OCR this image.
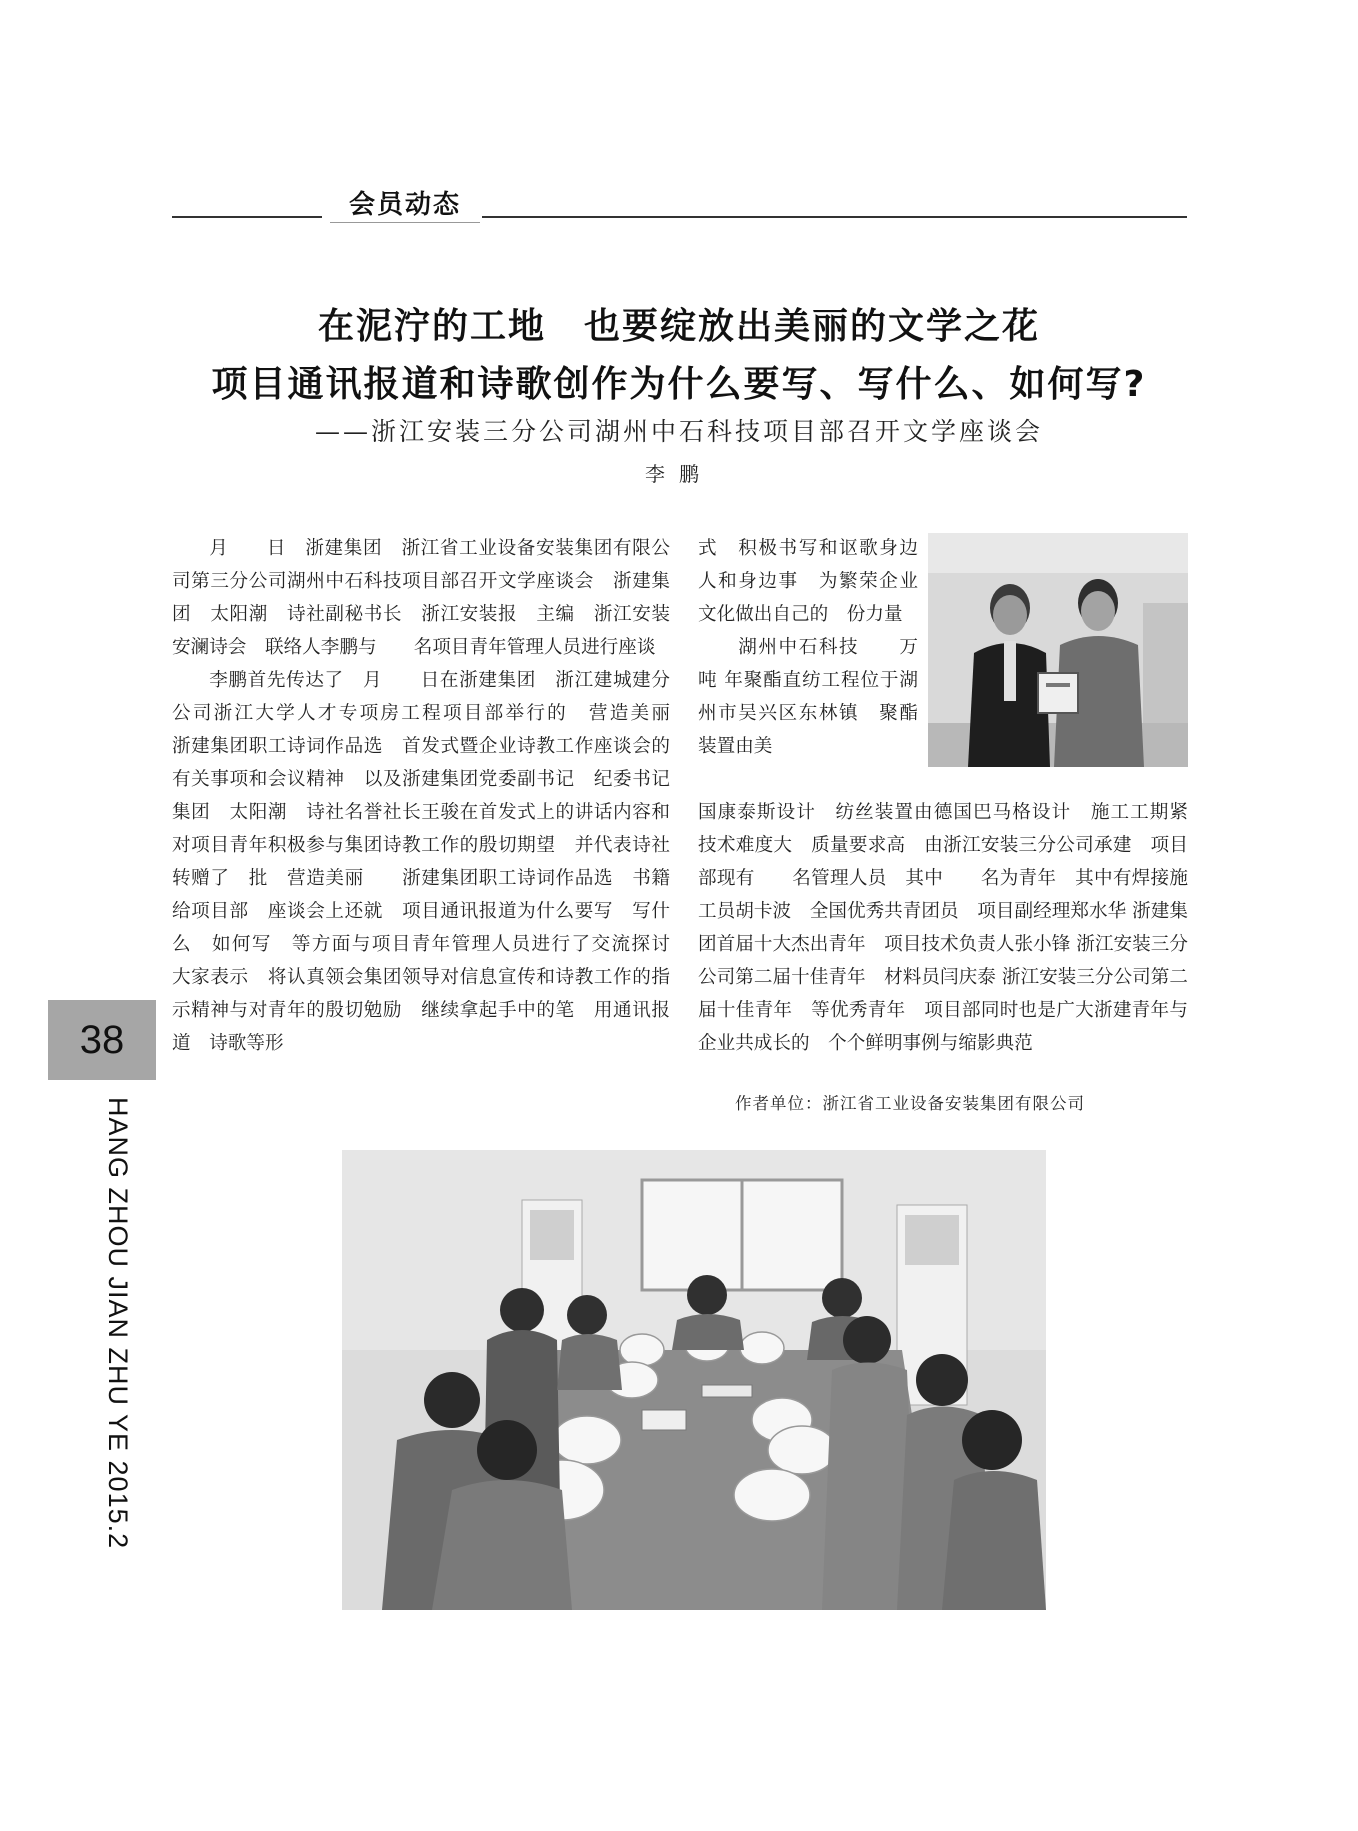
会员动态
在泥泞的工地　也要绽放出美丽的文学之花
项目通讯报道和诗歌创作为什么要写、写什么、如何写?
——浙江安装三分公司湖州中石科技项目部召开文学座谈会
李鹏

月　　日　浙建集团　浙江省工业设备安装集团有限公司第三分公司湖州中石科技项目部召开文学座谈会　浙建集团　太阳潮　诗社副秘书长　浙江安装报　主编　浙江安装　安澜诗会　联络人李鹏与　　名项目青年管理人员进行座谈

李鹏首先传达了　月　　日在浙建集团　浙江建城建分公司浙江大学人才专项房工程项目部举行的　营造美丽　　浙建集团职工诗词作品选　首发式暨企业诗教工作座谈会的有关事项和会议精神　以及浙建集团党委副书记　纪委书记　集团　太阳潮　诗社名誉社长王骏在首发式上的讲话内容和对项目青年积极参与集团诗教工作的殷切期望　并代表诗社转赠了　批　营造美丽　　浙建集团职工诗词作品选　书籍给项目部　座谈会上还就　项目通讯报道为什么要写　写什么　如何写　等方面与项目青年管理人员进行了交流探讨　大家表示　将认真领会集团领导对信息宣传和诗教工作的指示精神与对青年的殷切勉励　继续拿起手中的笔　用通讯报道　诗歌等形

式　积极书写和讴歌身边人和身边事　为繁荣企业文化做出自己的　份力量

　　湖州中石科技　　万吨 年聚酯直纺工程位于湖州市吴兴区东林镇　聚酯装置由美

国康泰斯设计　纺丝装置由德国巴马格设计　施工工期紧　技术难度大　质量要求高　由浙江安装三分公司承建　项目部现有　　名管理人员　其中　　名为青年　其中有焊接施工员胡卡波　全国优秀共青团员　项目副经理郑水华 浙建集团首届十大杰出青年　项目技术负责人张小锋 浙江安装三分公司第二届十佳青年　材料员闫庆泰 浙江安装三分公司第二届十佳青年　等优秀青年　项目部同时也是广大浙建青年与企业共成长的　个个鲜明事例与缩影典范

作者单位：浙江省工业设备安装集团有限公司
38
HANG ZHOU JIAN ZHU YE 2015.2
